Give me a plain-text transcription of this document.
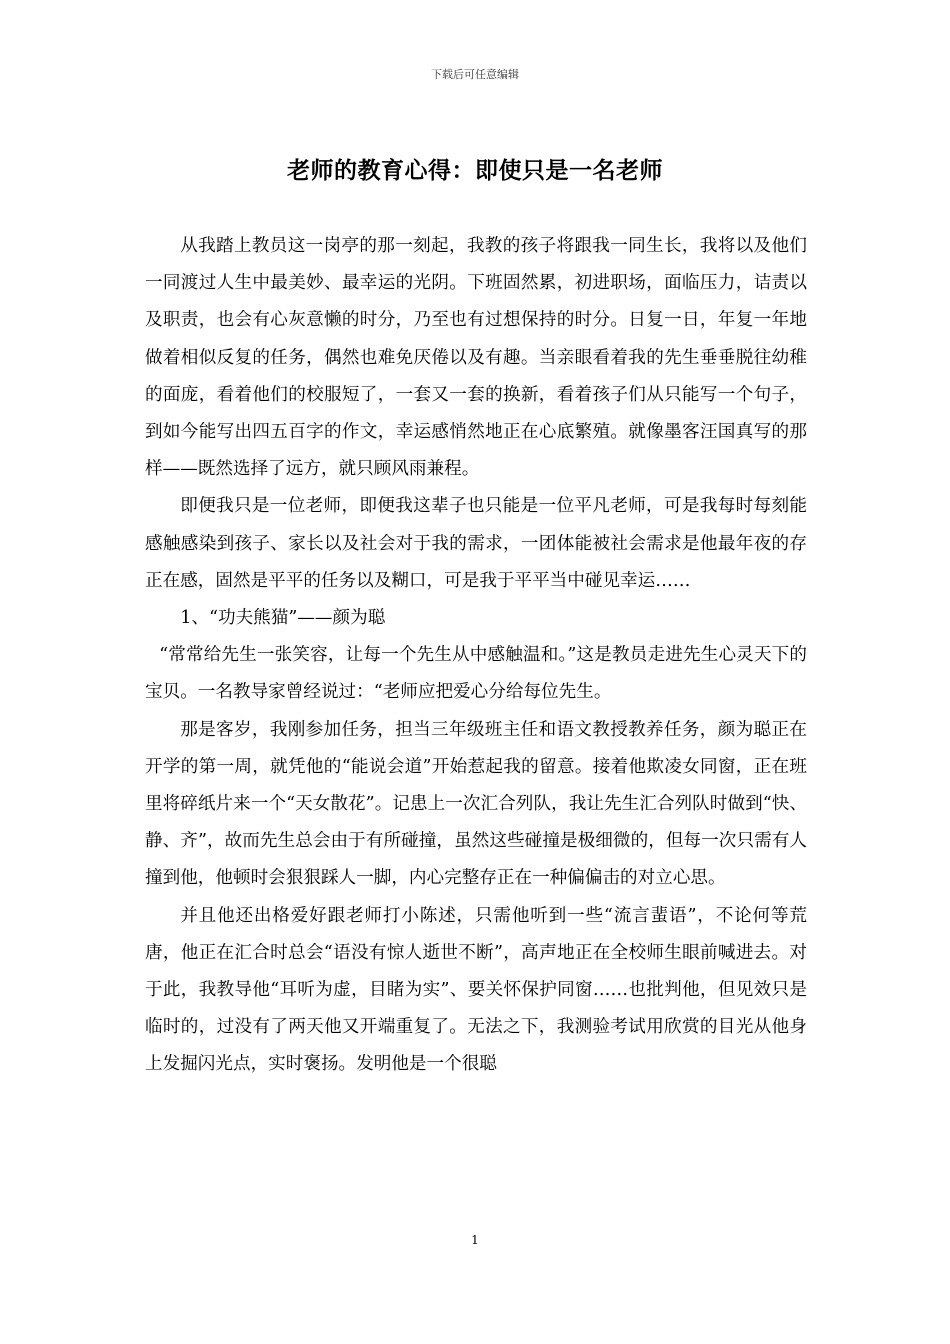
下载后可任意编辑
老师的教育心得：即使只是一名老师

从我踏上教员这一岗亭的那一刻起，我教的孩子将跟我一同生长，我将以及他们一同渡过人生中最美妙、最幸运的光阴。下班固然累，初进职场，面临压力，诘责以及职责，也会有心灰意懒的时分，乃至也有过想保持的时分。日复一日，年复一年地做着相似反复的任务，偶然也难免厌倦以及有趣。当亲眼看着我的先生垂垂脱往幼稚的面庞，看着他们的校服短了，一套又一套的换新，看着孩子们从只能写一个句子，到如今能写出四五百字的作文，幸运感悄然地正在心底繁殖。就像墨客汪国真写的那样——既然选择了远方，就只顾风雨兼程。

即便我只是一位老师，即便我这辈子也只能是一位平凡老师，可是我每时每刻能感触感染到孩子、家长以及社会对于我的需求，一团体能被社会需求是他最年夜的存正在感，固然是平平的任务以及糊口，可是我于平平当中碰见幸运……

1、“功夫熊猫”——颜为聪

“常常给先生一张笑容，让每一个先生从中感触温和。”这是教员走进先生心灵天下的宝贝。一名教导家曾经说过：“老师应把爱心分给每位先生。

那是客岁，我刚参加任务，担当三年级班主任和语文教授教养任务，颜为聪正在开学的第一周，就凭他的“能说会道”开始惹起我的留意。接着他欺凌女同窗，正在班里将碎纸片来一个“天女散花”。记患上一次汇合列队，我让先生汇合列队时做到“快、静、齐”，故而先生总会由于有所碰撞，虽然这些碰撞是极细微的，但每一次只需有人撞到他，他顿时会狠狠踩人一脚，内心完整存正在一种偏偏击的对立心思。

并且他还出格爱好跟老师打小陈述，只需他听到一些“流言蜚语”，不论何等荒唐，他正在汇合时总会“语没有惊人逝世不断”，高声地正在全校师生眼前喊进去。对于此，我教导他“耳听为虚，目睹为实”、要关怀保护同窗……也批判他，但见效只是临时的，过没有了两天他又开端重复了。无法之下，我测验考试用欣赏的目光从他身上发掘闪光点，实时褒扬。发明他是一个很聪

1
